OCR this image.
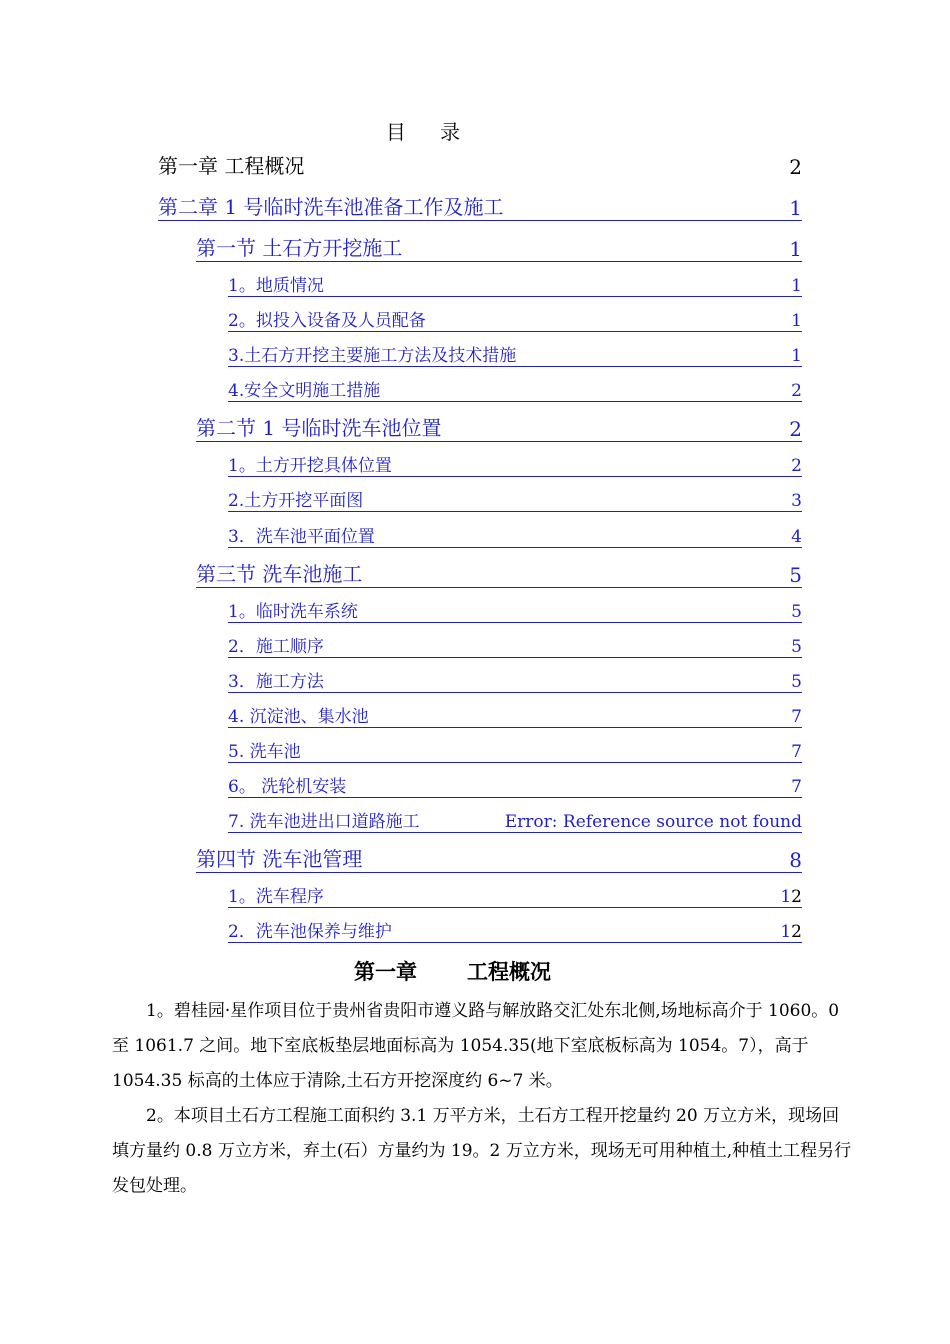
目 录
第一章 工程概况	2
第二章 1 号临时洗车池准备工作及施工	1
第一节 土石方开挖施工	1
1。地质情况	1
2。拟投入设备及人员配备	1
3.土石方开挖主要施工方法及技术措施	1
4.安全文明施工措施	2
第二节 1 号临时洗车池位置	2
1。土方开挖具体位置	2
2.土方开挖平面图	3
3．洗车池平面位置	4
第三节 洗车池施工	5
1。临时洗车系统	5
2．施工顺序	5
3．施工方法	5
4. 沉淀池、集水池	7
5. 洗车池	7
6。 洗轮机安装	7
7. 洗车池进出口道路施工	Error: Reference source not found
第四节 洗车池管理	8
1。洗车程序	12
2．洗车池保养与维护	12
第一章 工程概况

1。碧桂园·星作项目位于贵州省贵阳市遵义路与解放路交汇处东北侧,场地标高介于 1060。0 至 1061.7 之间。地下室底板垫层地面标高为 1054.35(地下室底板标高为 1054。7），高于 1054.35 标高的土体应于清除,土石方开挖深度约 6~7 米。

2。本项目土石方工程施工面积约 3.1 万平方米，土石方工程开挖量约 20 万立方米，现场回填方量约 0.8 万立方米，弃土(石）方量约为 19。2 万立方米，现场无可用种植土,种植土工程另行发包处理。
